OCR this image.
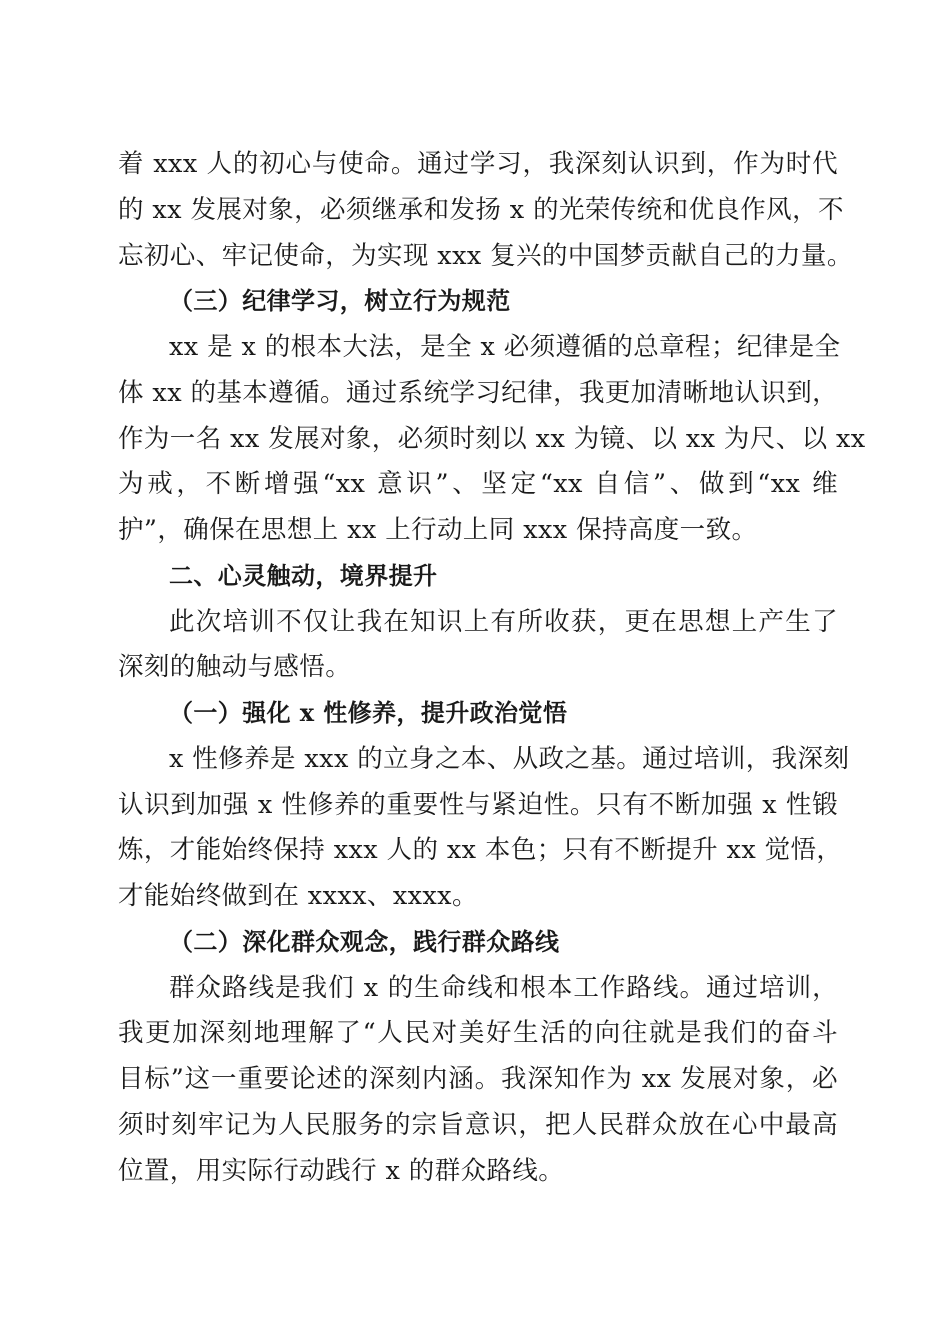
着 xxx 人的初心与使命。通过学习，我深刻认识到，作为时代
的 xx 发展对象，必须继承和发扬 x 的光荣传统和优良作风，不
忘初心、牢记使命，为实现 xxx 复兴的中国梦贡献自己的力量。
（三）纪律学习，树立行为规范
xx 是 x 的根本大法，是全 x 必须遵循的总章程；纪律是全
体 xx 的基本遵循。通过系统学习纪律，我更加清晰地认识到，
作为一名 xx 发展对象，必须时刻以 xx 为镜、以 xx 为尺、以 xx
为戒，不断增强“xx 意识”、坚定“xx 自信”、做到“xx 维
护”，确保在思想上 xx 上行动上同 xxx 保持高度一致。
二、心灵触动，境界提升
此次培训不仅让我在知识上有所收获，更在思想上产生了
深刻的触动与感悟。
（一）强化 x 性修养，提升政治觉悟
x 性修养是 xxx 的立身之本、从政之基。通过培训，我深刻
认识到加强 x 性修养的重要性与紧迫性。只有不断加强 x 性锻
炼，才能始终保持 xxx 人的 xx 本色；只有不断提升 xx 觉悟，
才能始终做到在 xxxx、xxxx。
（二）深化群众观念，践行群众路线
群众路线是我们 x 的生命线和根本工作路线。通过培训，
我更加深刻地理解了“人民对美好生活的向往就是我们的奋斗
目标”这一重要论述的深刻内涵。我深知作为 xx 发展对象，必
须时刻牢记为人民服务的宗旨意识，把人民群众放在心中最高
位置，用实际行动践行 x 的群众路线。
